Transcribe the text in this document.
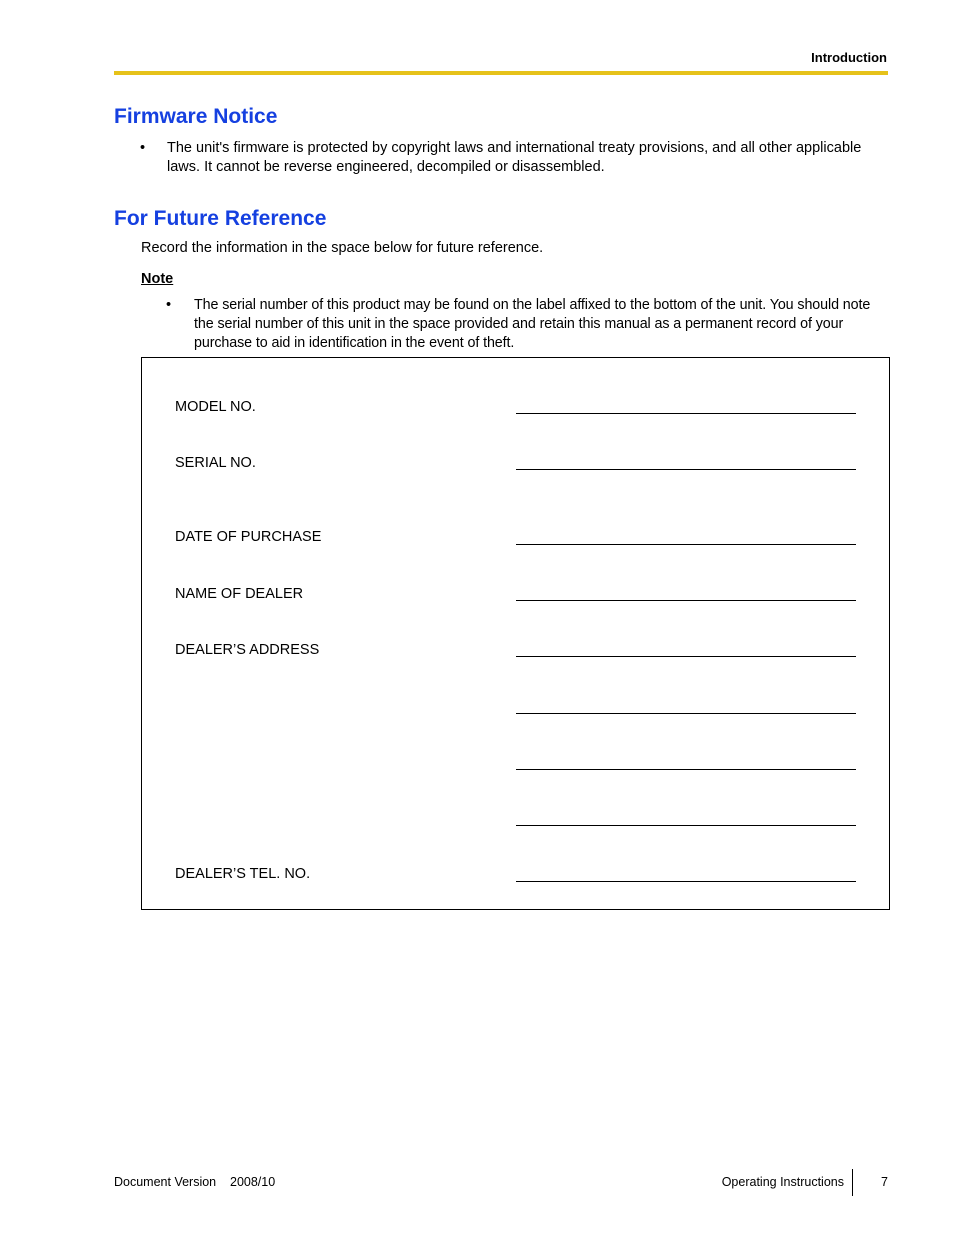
Introduction
Firmware Notice
• The unit's firmware is protected by copyright laws and international treaty provisions, and all other applicable laws. It cannot be reverse engineered, decompiled or disassembled.
For Future Reference
Record the information in the space below for future reference.
Note
• The serial number of this product may be found on the label affixed to the bottom of the unit. You should note the serial number of this unit in the space provided and retain this manual as a permanent record of your purchase to aid in identification in the event of theft.
MODEL NO.
SERIAL NO.
DATE OF PURCHASE
NAME OF DEALER
DEALER’S ADDRESS
DEALER’S TEL. NO.
Document Version 2008/10	Operating Instructions	7
